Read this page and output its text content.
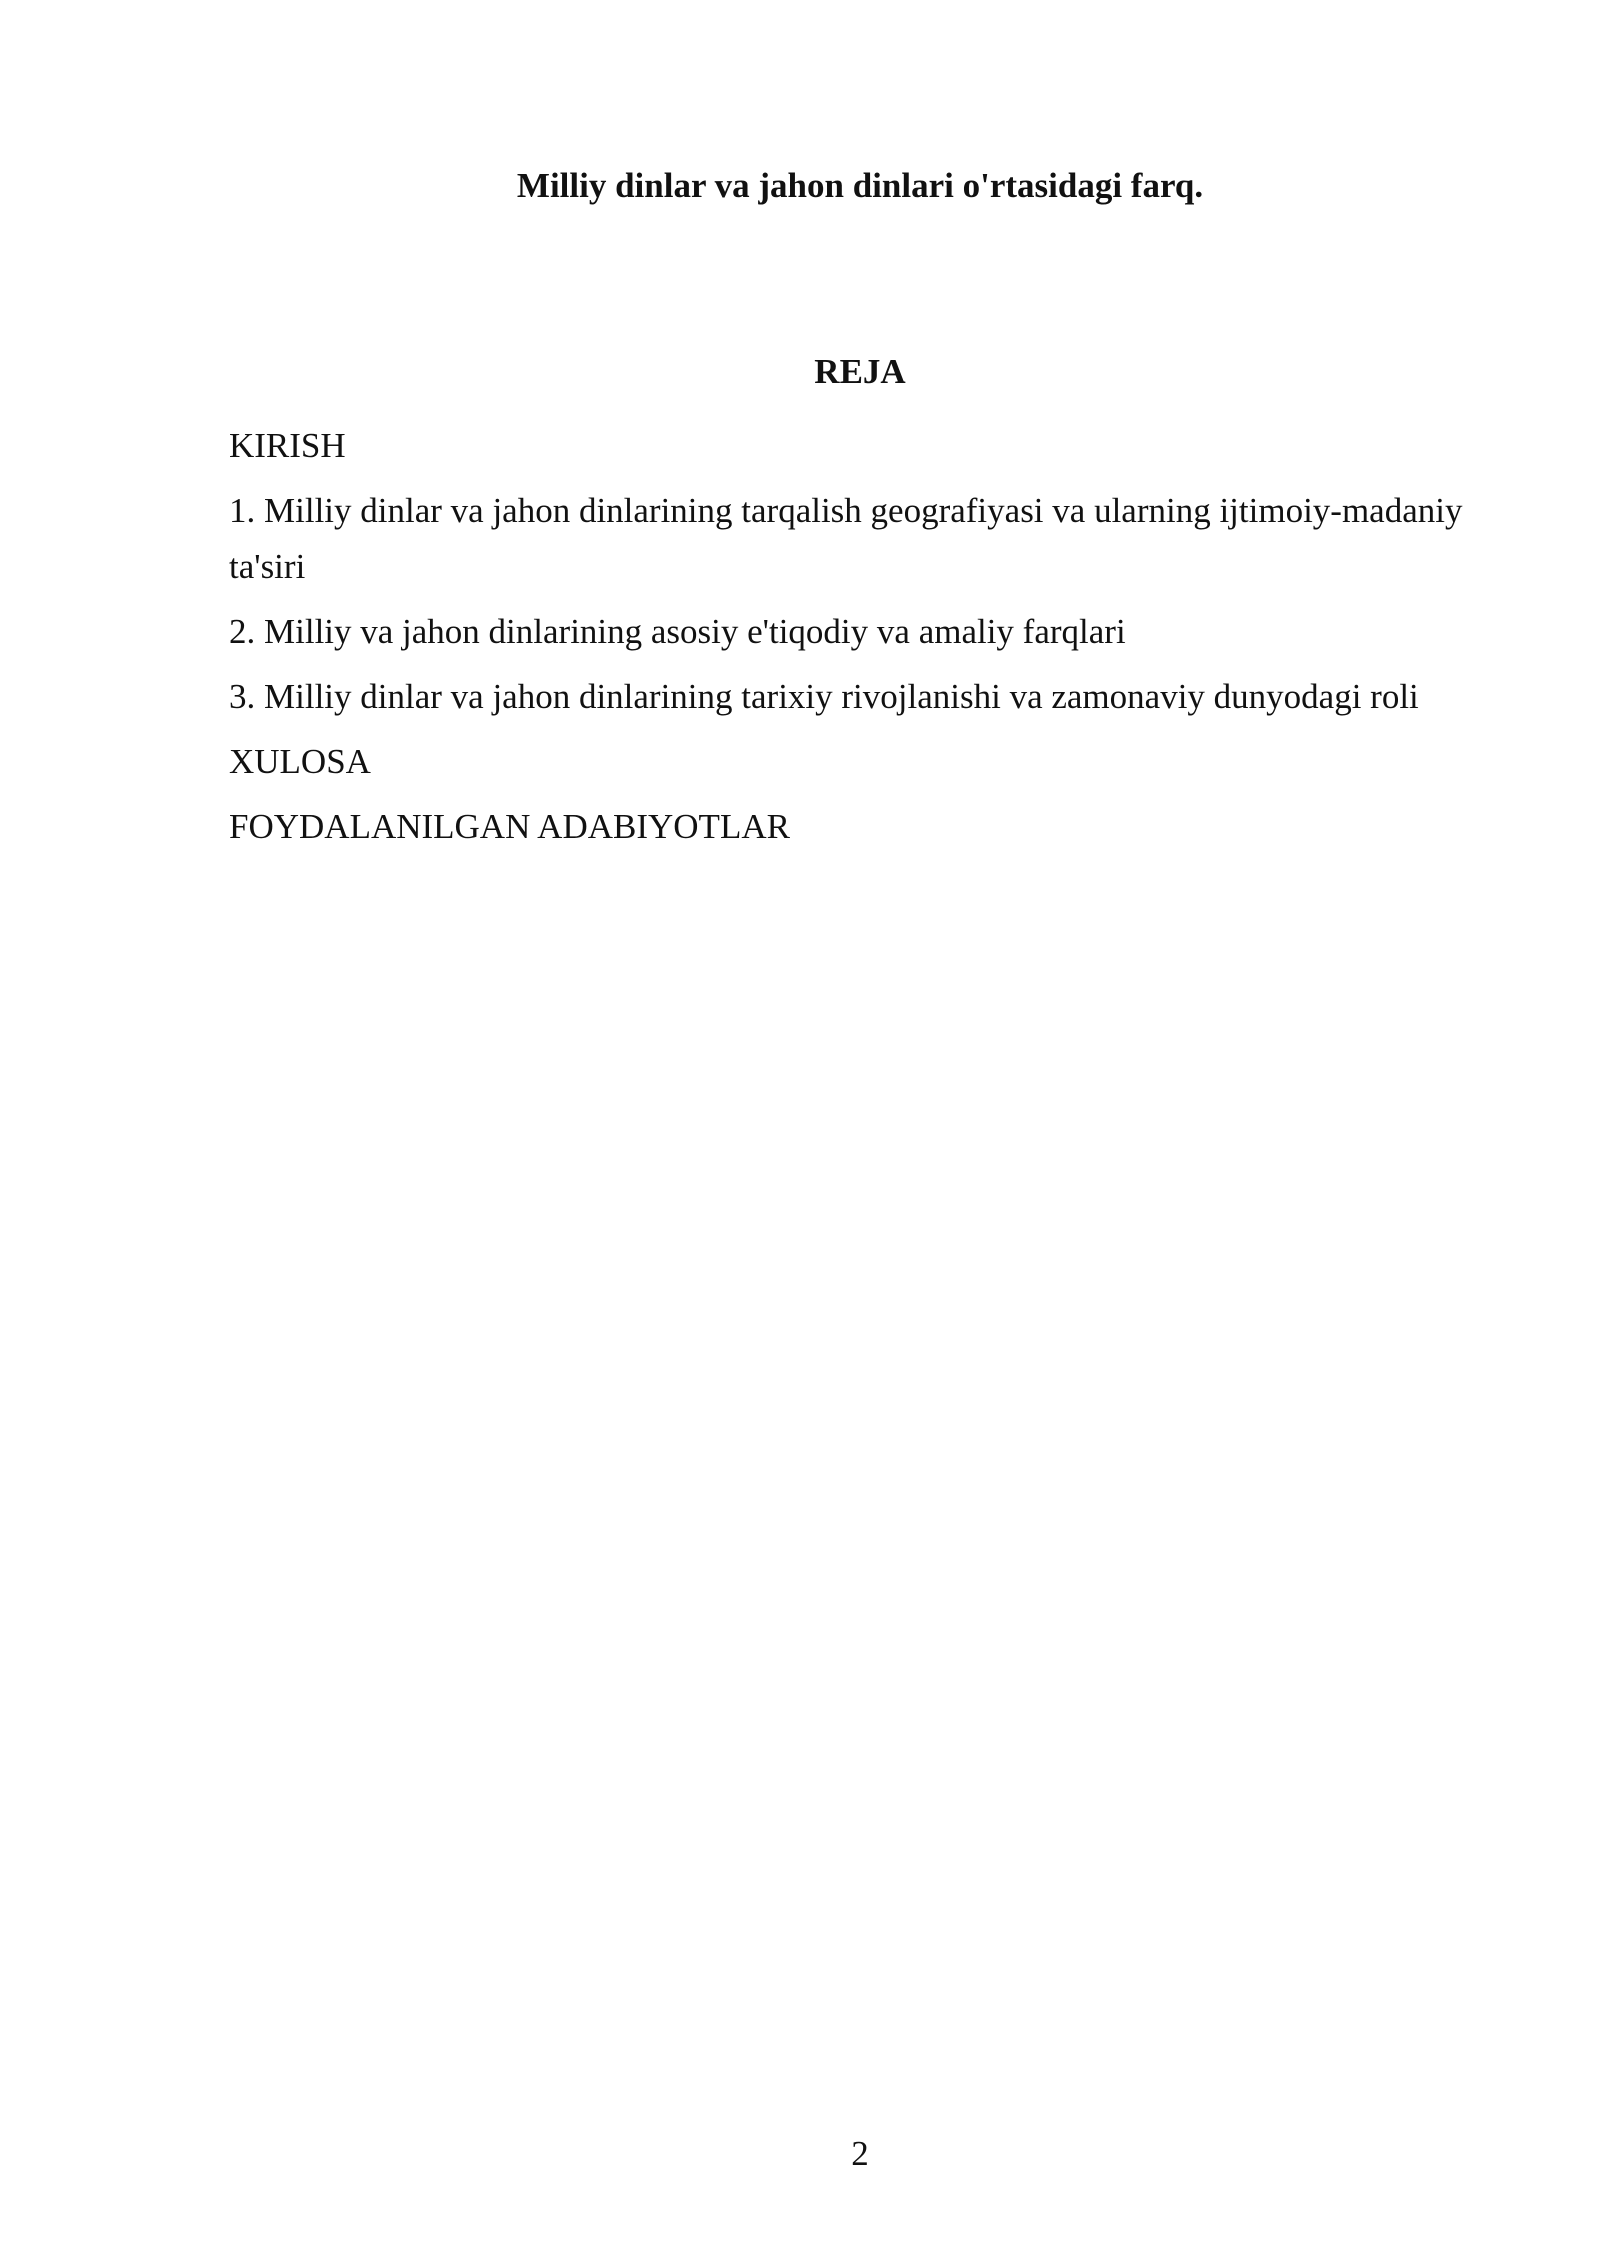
Milliy dinlar va jahon dinlari o'rtasidagi farq.
REJA
KIRISH
1. Milliy dinlar va jahon dinlarining tarqalish geografiyasi va ularning ijtimoiy-madaniy ta'siri
2. Milliy va jahon dinlarining asosiy e'tiqodiy va amaliy farqlari
3. Milliy dinlar va jahon dinlarining tarixiy rivojlanishi va zamonaviy dunyodagi roli
XULOSA
FOYDALANILGAN ADABIYOTLAR
2
